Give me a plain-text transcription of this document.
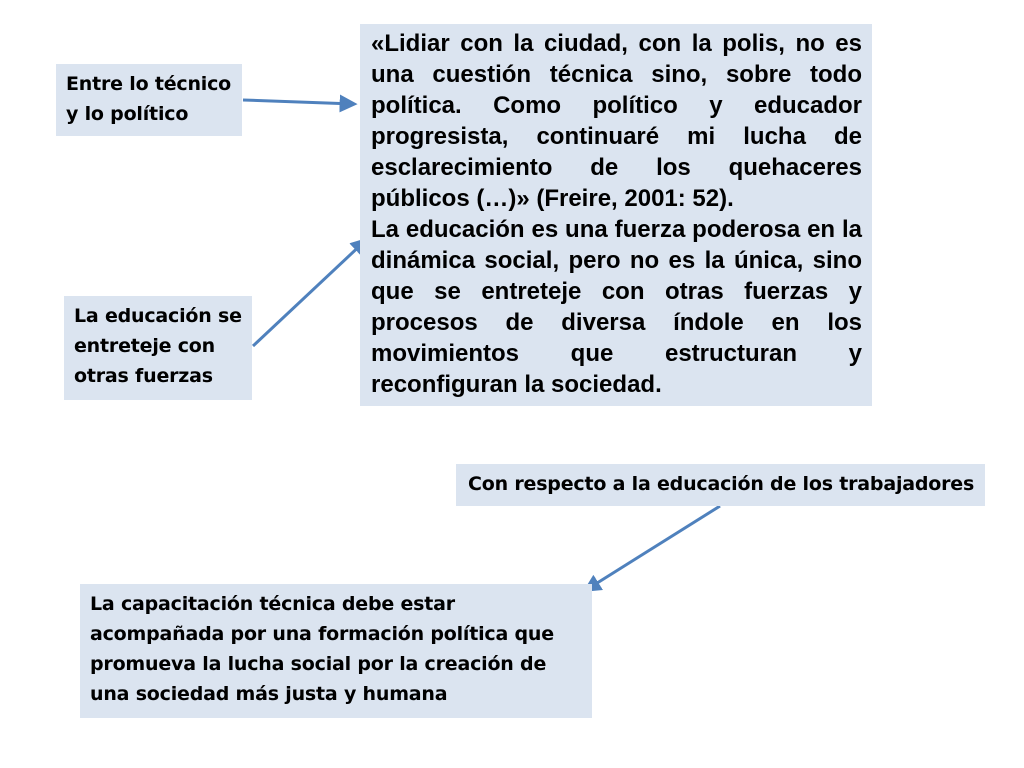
Entre lo técnico y lo político
La educación se entreteje con otras fuerzas

«Lidiar con la ciudad, con la polis, no es una cuestión técnica sino, sobre todo política. Como político y educador progresista, continuaré mi lucha de esclarecimiento de los quehaceres públicos (…)» (Freire, 2001: 52).

La educación es una fuerza poderosa en la dinámica social, pero no es la única, sino que se entreteje con otras fuerzas y procesos de diversa índole en los movimientos que estructuran y reconfiguran la sociedad.

Con respecto a la educación de los trabajadores
La capacitación técnica debe estar acompañada por una formación política que promueva la lucha social por la creación de una sociedad más justa y humana
